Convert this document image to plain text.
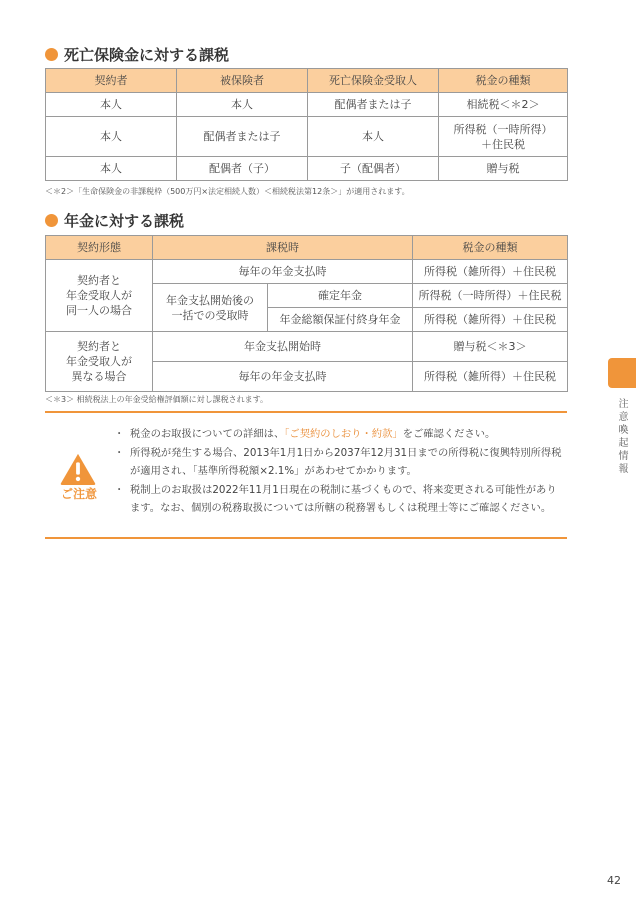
死亡保険金に対する課税
契約者	被保険者	死亡保険金受取人	税金の種類
本人	本人	配偶者または子	相続税＜＊2＞
本人	配偶者または子	本人	所得税（一時所得）
＋住民税

本人	配偶者（子）	子（配偶者）	贈与税
＜＊2＞「生命保険金の非課税枠（500万円×法定相続人数）＜相続税法第12条＞」が適用されます。
年金に対する課税
契約形態	課税時		税金の種類

契約者と
年金受取人が
同一人の場合	毎年の年金支払時		所得税（雑所得）＋住民税

	年金支払開始後の
一括での受取時	確定年金	所得税（一時所得）＋住民税
		年金総額保証付終身年金	所得税（雑所得）＋住民税

契約者と
年金受取人が
異なる場合	年金支払開始時		贈与税＜＊3＞
	毎年の年金支払時		所得税（雑所得）＋住民税
＜＊3＞ 相続税法上の年金受給権評価額に対し課税されます。
ご注意
・ 税金のお取扱についての詳細は、「ご契約のしおり・約款」をご確認ください。
・ 所得税が発生する場合、2013年1月1日から2037年12月31日までの所得税に復興特別所得税が適用され、「基準所得税額×2.1%」があわせてかかります。
・ 税制上のお取扱は2022年11月1日現在の税制に基づくもので、将来変更される可能性があります。なお、個別の税務取扱については所轄の税務署もしくは税理士等にご確認ください。
注意喚起情報
42
